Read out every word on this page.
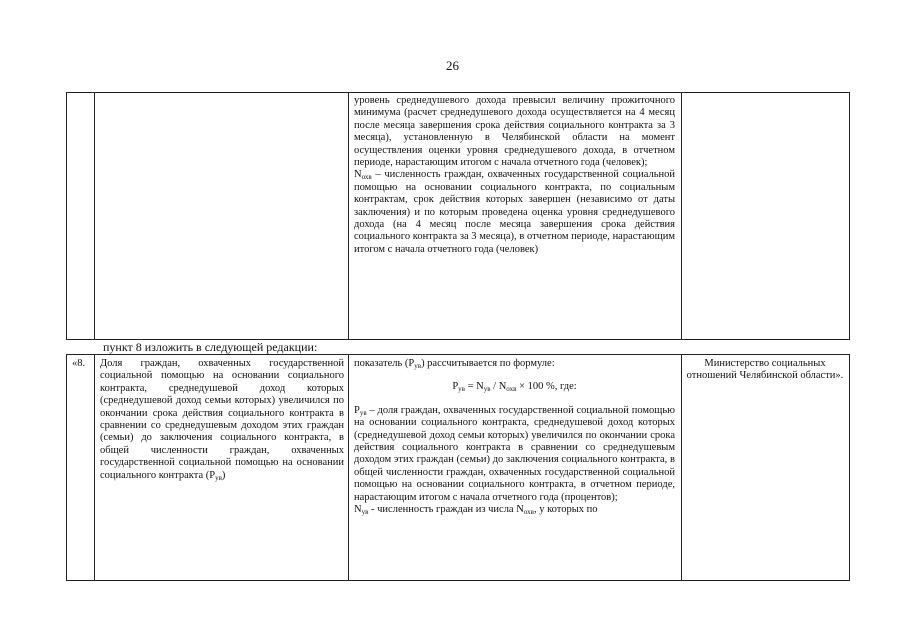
26

уровень среднедушевого дохода превысил величину прожиточного минимума (расчет среднедушевого дохода осуществляется на 4 месяц после месяца завершения срока действия социального контракта за 3 месяца), установленную в Челябинской области на момент осуществления оценки уровня среднедушевого дохода, в отчетном периоде, нарастающим итогом с начала отчетного года (человек);

$N_{охв}$ – численность граждан, охваченных государственной социальной помощью на основании социального контракта, по социальным контрактам, срок действия которых завершен (независимо от даты заключения) и по которым проведена оценка уровня среднедушевого дохода (на 4 месяц после месяца завершения срока действия социального контракта за 3 месяца), в отчетном периоде, нарастающим итогом с начала отчетного года (человек)

«8.	Доля граждан, охваченных государственной социальной помощью на основании социального контракта, среднедушевой доход которых (среднедушевой доход семьи которых) увеличился по окончании срока действия социального контракта в сравнении со среднедушевым доходом этих граждан (семьи) до заключения социального контракта, в общей численности граждан, охваченных государственной социальной помощью на основании социального контракта $(P_{ув})$

показатель $(P_{ув})$ рассчитывается по формуле:

$P_{ув} = N_{ув} / N_{охв} \times 100$ %, где:

$P_{ув}$ – доля граждан, охваченных государственной социальной помощью на основании социального контракта, среднедушевой доход которых (среднедушевой доход семьи которых) увеличился по окончании срока действия социального контракта в сравнении со среднедушевым доходом этих граждан (семьи) до заключения социального контракта, в общей численности граждан, охваченных государственной социальной помощью на основании социального контракта, в отчетном периоде, нарастающим итогом с начала отчетного года (процентов);

$N_{ув}$ - численность граждан из числа $N_{охв}$, у которых по

Министерство социальных отношений Челябинской области».
пункт 8 изложить в следующей редакции:
